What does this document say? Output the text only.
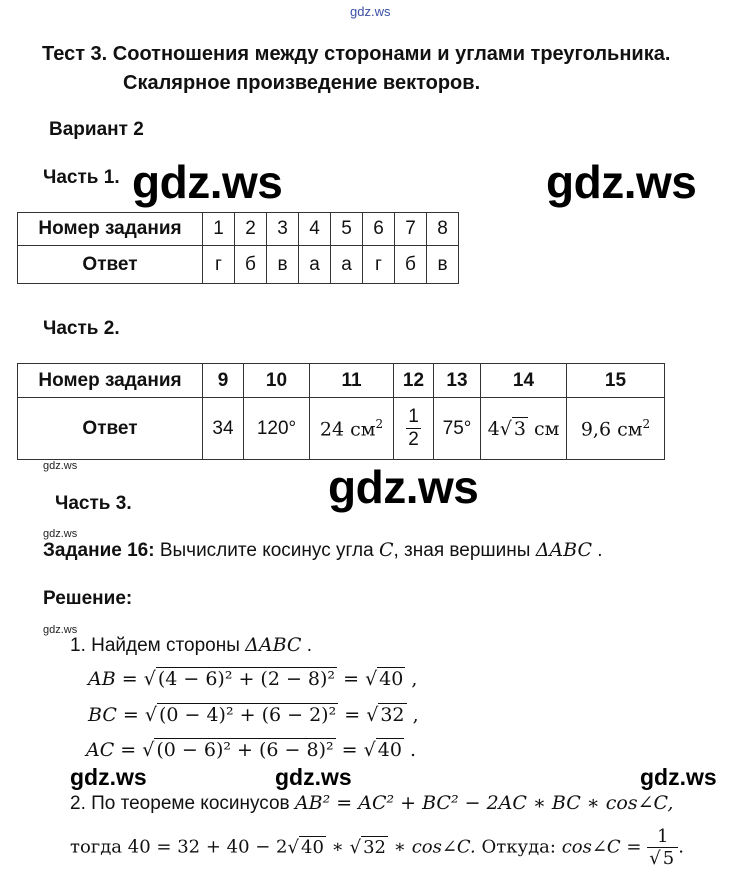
gdz.ws
gdz.ws	gdz.ws
gdz.ws
gdz.ws
gdz.ws
gdz.ws
gdz.ws	gdz.ws	gdz.ws
Тест 3. Соотношения между сторонами и углами треугольника.
Скалярное произведение векторов.
Вариант 2
Часть 1.
Номер задания	1	2	3	4	5	6	7	8
Ответ	г	б	в	а	а	г	б	в
Часть 2.
Номер задания	9	10	11	12	13	14	15
Ответ	34	120°	24 $см^2$	$\frac{1}{2}$	75°	4√ 3 см	9,6 $см^2$
Часть 3.
Задание 16: Вычислите косинус угла C, зная вершины ΔABC .
Решение:
1. Найдем стороны ΔABC .
AB = √ (4 − 6)² + (2 − 8)² = √ 40 ,
BC = √ (0 − 4)² + (6 − 2)² = √ 32 ,
AC = √ (0 − 6)² + (6 − 8)² = √ 40 .
2. По теореме косинусов AB² = AC² + BC² − 2AC ∗ BC ∗ cos∠C,
тогда 40 = 32 + 40 − 2√ 40 ∗ √ 32 ∗ cos∠C. Откуда: cos∠C = $\frac{1}{√ 5}$ .
